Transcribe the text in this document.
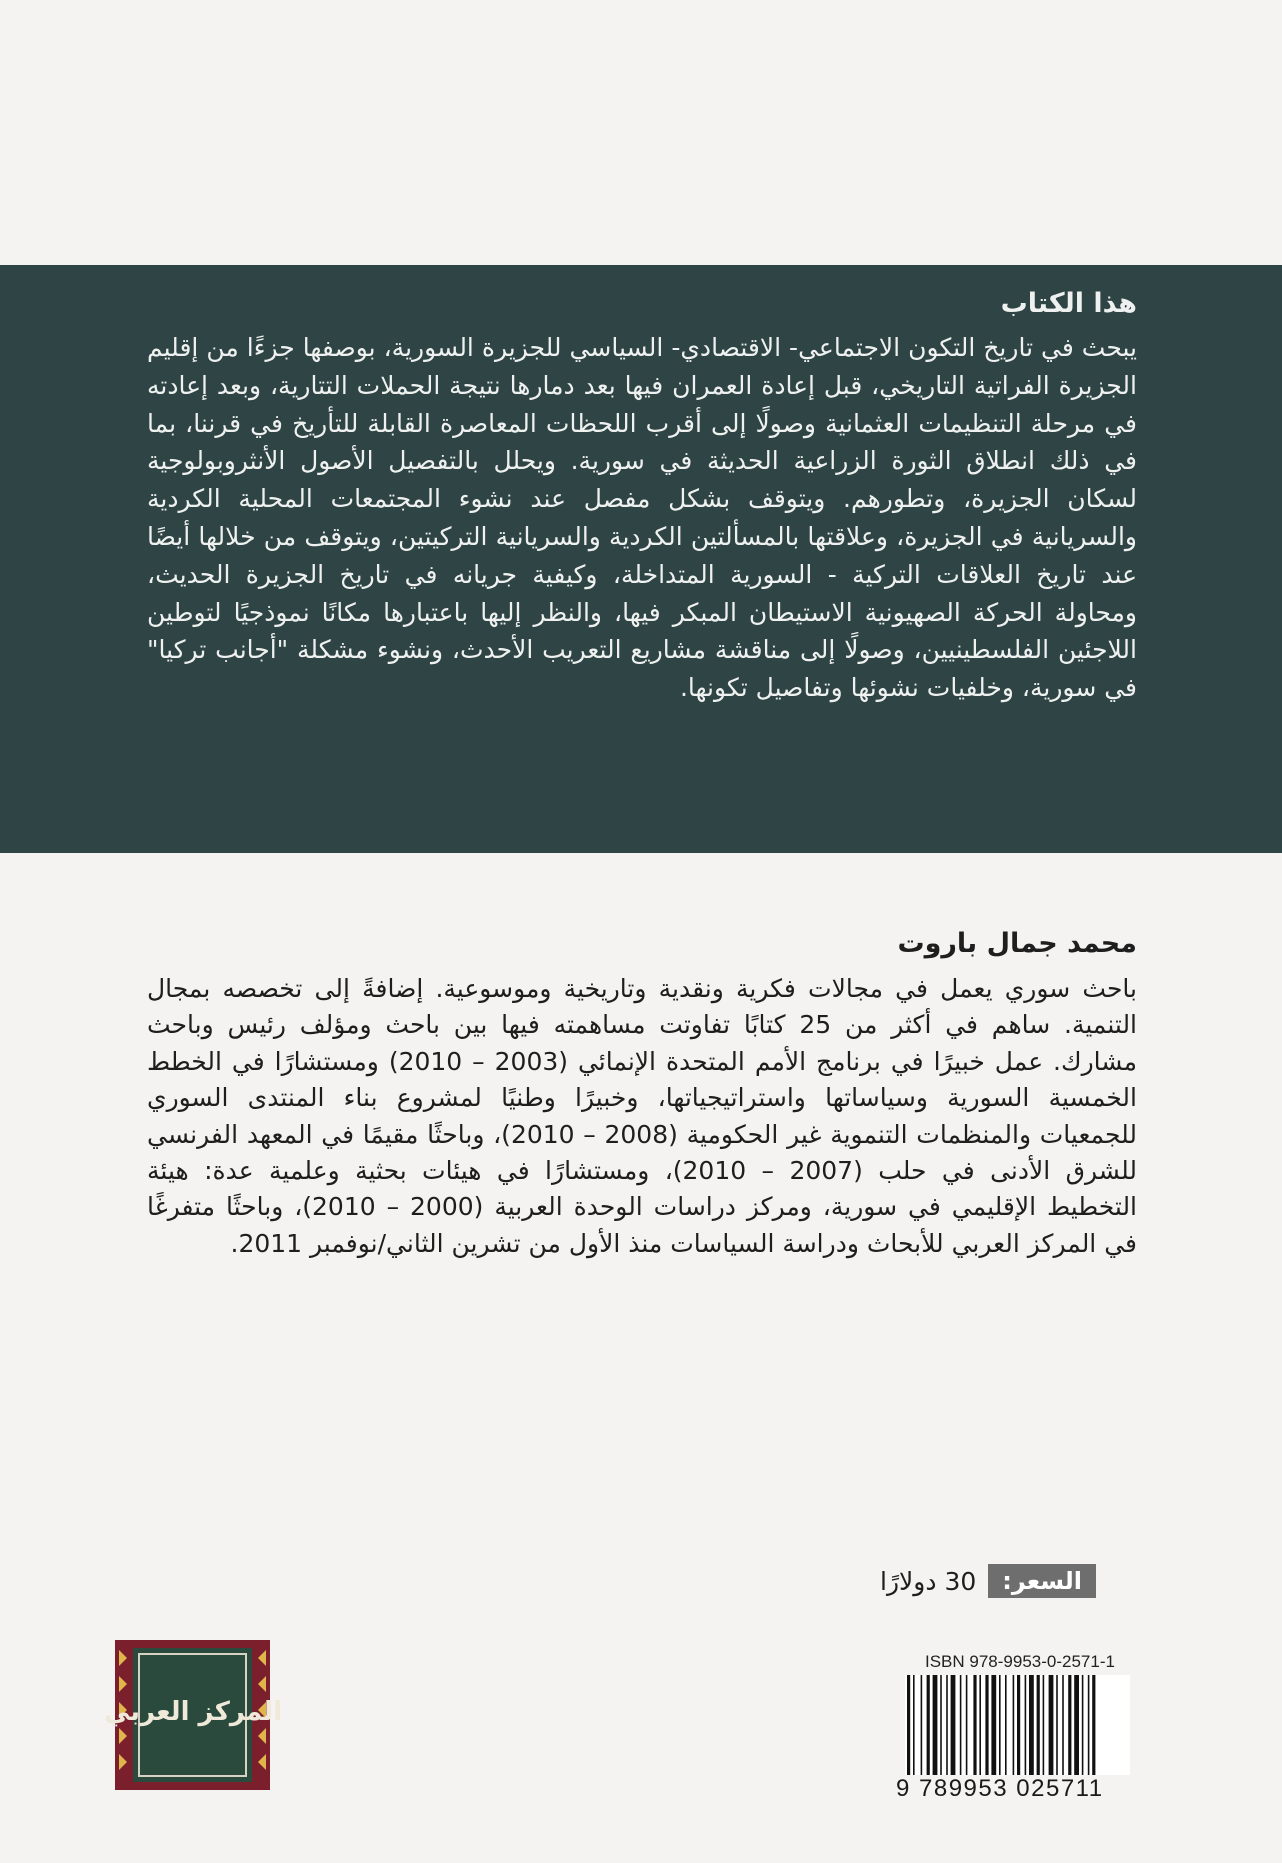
هذا الكتاب

يبحث في تاريخ التكون الاجتماعي- الاقتصادي- السياسي للجزيرة السورية، بوصفها جزءًا من إقليم الجزيرة الفراتية التاريخي، قبل إعادة العمران فيها بعد دمارها نتيجة الحملات التتارية، وبعد إعادته في مرحلة التنظيمات العثمانية وصولًا إلى أقرب اللحظات المعاصرة القابلة للتأريخ في قرننا، بما في ذلك انطلاق الثورة الزراعية الحديثة في سورية. ويحلل بالتفصيل الأصول الأنثروبولوجية لسكان الجزيرة، وتطورهم. ويتوقف بشكل مفصل عند نشوء المجتمعات المحلية الكردية والسريانية في الجزيرة، وعلاقتها بالمسألتين الكردية والسريانية التركيتين، ويتوقف من خلالها أيضًا عند تاريخ العلاقات التركية - السورية المتداخلة، وكيفية جريانه في تاريخ الجزيرة الحديث، ومحاولة الحركة الصهيونية الاستيطان المبكر فيها، والنظر إليها باعتبارها مكانًا نموذجيًا لتوطين اللاجئين الفلسطينيين، وصولًا إلى مناقشة مشاريع التعريب الأحدث، ونشوء مشكلة "أجانب تركيا" في سورية، وخلفيات نشوئها وتفاصيل تكونها.

محمد جمال باروت

باحث سوري يعمل في مجالات فكرية ونقدية وتاريخية وموسوعية. إضافةً إلى تخصصه بمجال التنمية. ساهم في أكثر من 25 كتابًا تفاوتت مساهمته فيها بين باحث ومؤلف رئيس وباحث مشارك. عمل خبيرًا في برنامج الأمم المتحدة الإنمائي (2003 – 2010) ومستشارًا في الخطط الخمسية السورية وسياساتها واستراتيجياتها، وخبيرًا وطنيًا لمشروع بناء المنتدى السوري للجمعيات والمنظمات التنموية غير الحكومية (2008 – 2010)، وباحثًا مقيمًا في المعهد الفرنسي للشرق الأدنى في حلب (2007 – 2010)، ومستشارًا في هيئات بحثية وعلمية عدة: هيئة التخطيط الإقليمي في سورية، ومركز دراسات الوحدة العربية (2000 – 2010)، وباحثًا متفرغًا في المركز العربي للأبحاث ودراسة السياسات منذ الأول من تشرين الثاني/نوفمبر 2011.

30 دولارًا	السعر:
ISBN 978-9953-0-2571-1
9 789953 025711
المركز العربي
